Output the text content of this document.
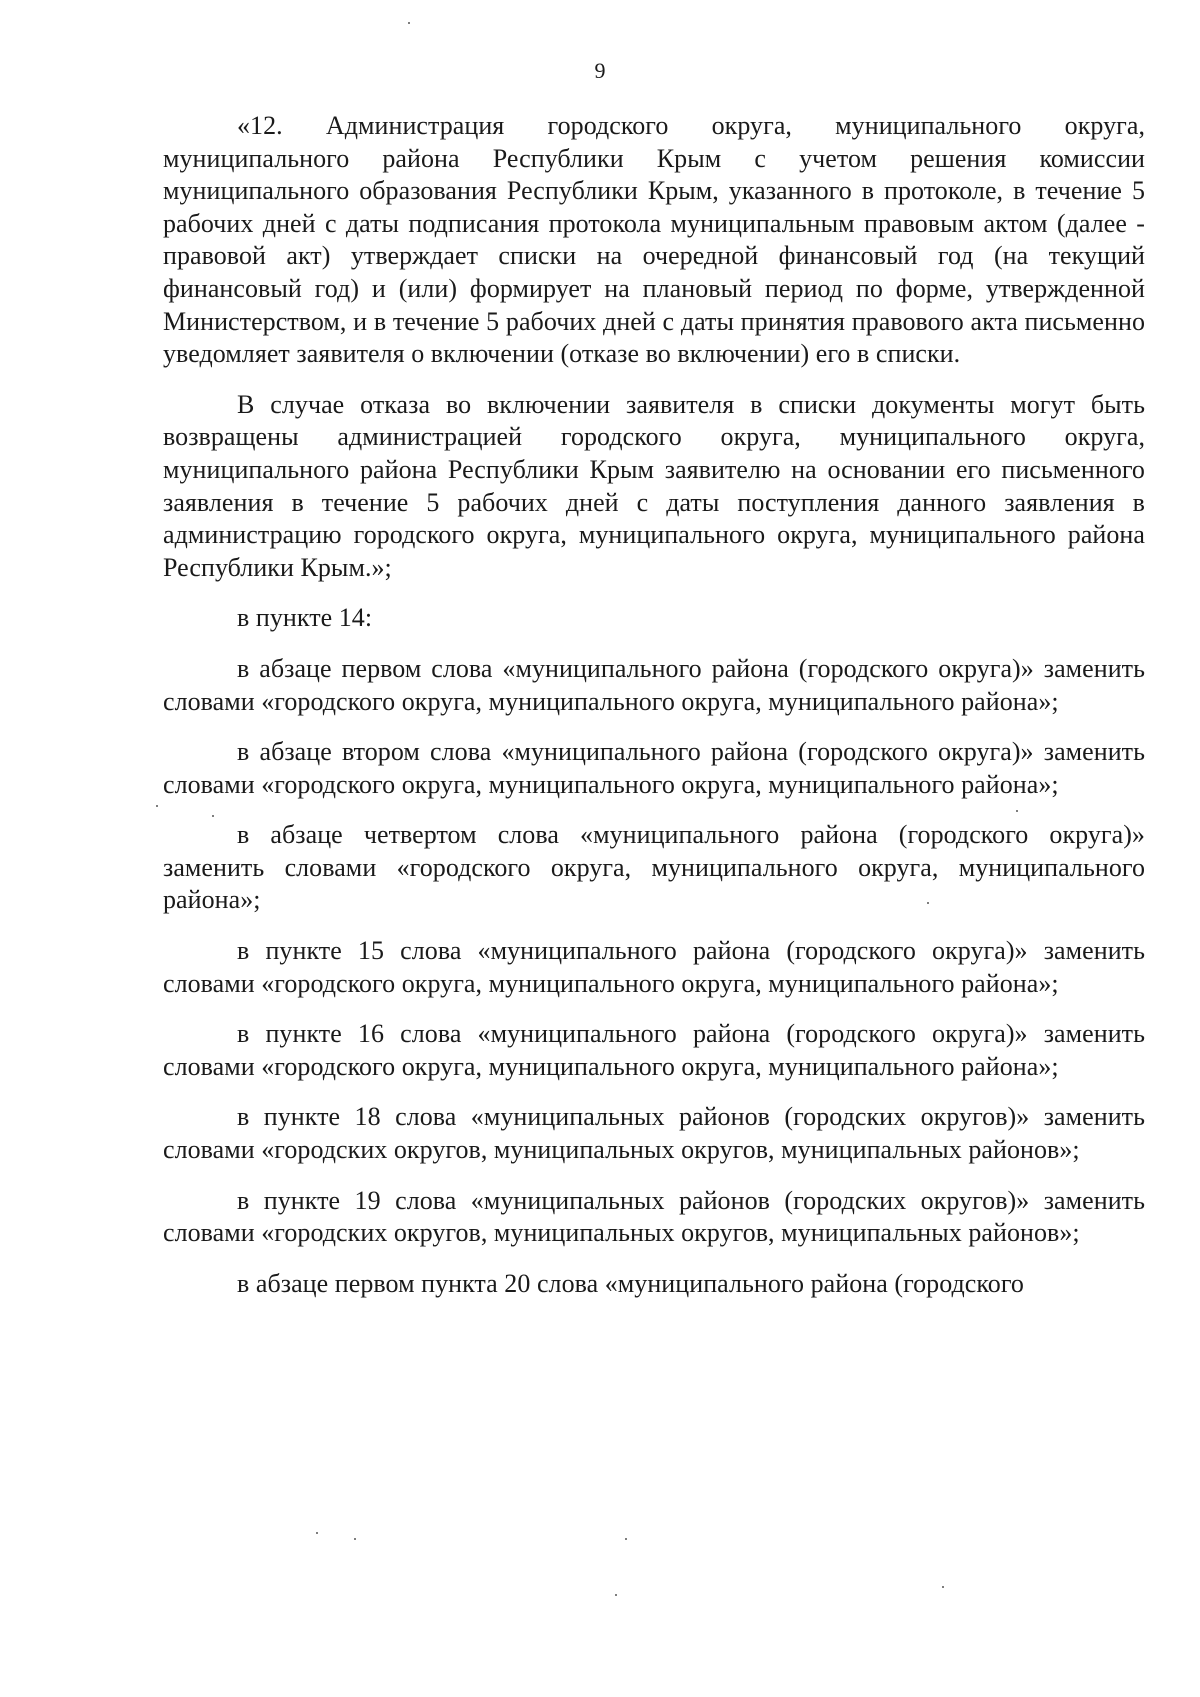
9

«12. Администрация городского округа, муниципального округа, муниципального района Республики Крым с учетом решения комиссии муниципального образования Республики Крым, указанного в протоколе, в течение 5 рабочих дней с даты подписания протокола муниципальным правовым актом (далее - правовой акт) утверждает списки на очередной финансовый год (на текущий финансовый год) и (или) формирует на плановый период по форме, утвержденной Министерством, и в течение 5 рабочих дней с даты принятия правового акта письменно уведомляет заявителя о включении (отказе во включении) его в списки.

В случае отказа во включении заявителя в списки документы могут быть возвращены администрацией городского округа, муниципального округа, муниципального района Республики Крым заявителю на основании его письменного заявления в течение 5 рабочих дней с даты поступления данного заявления в администрацию городского округа, муниципального округа, муниципального района Республики Крым.»;

в пункте 14:

в абзаце первом слова «муниципального района (городского округа)» заменить словами «городского округа, муниципального округа, муниципального района»;

в абзаце втором слова «муниципального района (городского округа)» заменить словами «городского округа, муниципального округа, муниципального района»;

в абзаце четвертом слова «муниципального района (городского округа)» заменить словами «городского округа, муниципального округа, муниципального района»;

в пункте 15 слова «муниципального района (городского округа)» заменить словами «городского округа, муниципального округа, муниципального района»;

в пункте 16 слова «муниципального района (городского округа)» заменить словами «городского округа, муниципального округа, муниципального района»;

в пункте 18 слова «муниципальных районов (городских округов)» заменить словами «городских округов, муниципальных округов, муниципальных районов»;

в пункте 19 слова «муниципальных районов (городских округов)» заменить словами «городских округов, муниципальных округов, муниципальных районов»;

в абзаце первом пункта 20 слова «муниципального района (городского
